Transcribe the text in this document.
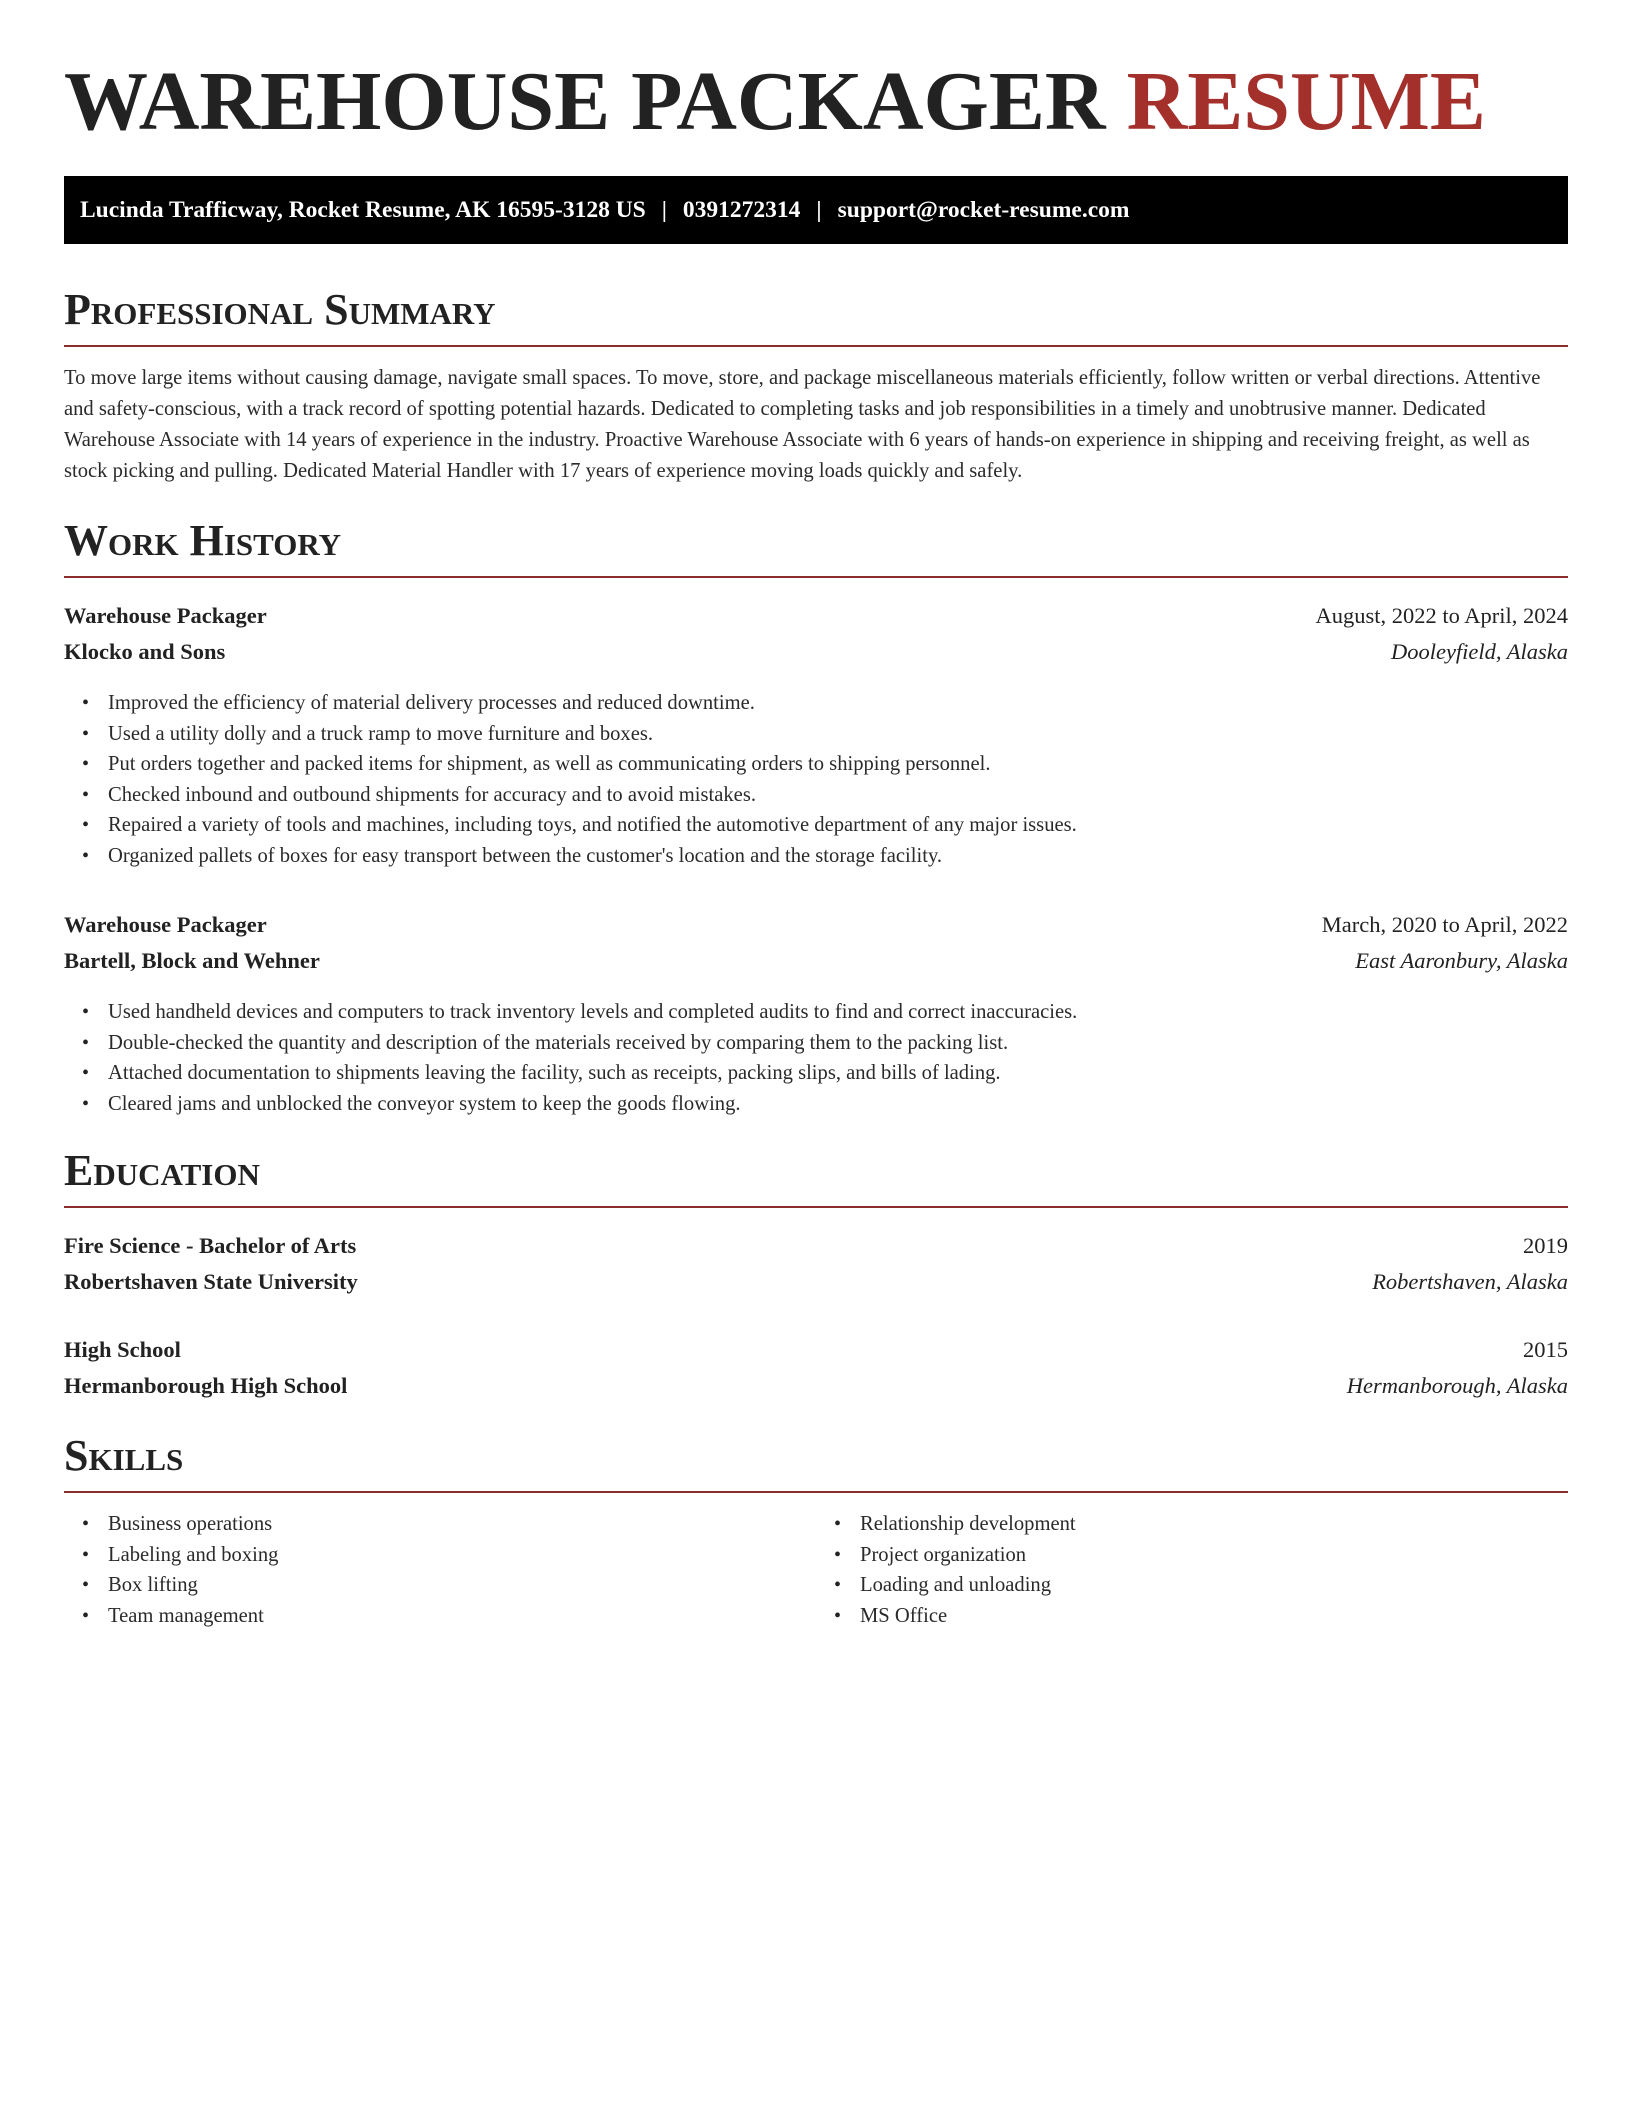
WAREHOUSE PACKAGER RESUME
Lucinda Trafficway, Rocket Resume, AK 16595-3128 US | 0391272314 | support@rocket-resume.com
Professional Summary

To move large items without causing damage, navigate small spaces. To move, store, and package miscellaneous materials efficiently, follow written or verbal directions. Attentive and safety-conscious, with a track record of spotting potential hazards. Dedicated to completing tasks and job responsibilities in a timely and unobtrusive manner. Dedicated Warehouse Associate with 14 years of experience in the industry. Proactive Warehouse Associate with 6 years of hands-on experience in shipping and receiving freight, as well as stock picking and pulling. Dedicated Material Handler with 17 years of experience moving loads quickly and safely.

Work History
Warehouse Packager	August, 2022 to April, 2024
Klocko and Sons	Dooleyfield, Alaska
• Improved the efficiency of material delivery processes and reduced downtime.
• Used a utility dolly and a truck ramp to move furniture and boxes.
• Put orders together and packed items for shipment, as well as communicating orders to shipping personnel.
• Checked inbound and outbound shipments for accuracy and to avoid mistakes.
• Repaired a variety of tools and machines, including toys, and notified the automotive department of any major issues.
• Organized pallets of boxes for easy transport between the customer's location and the storage facility.
Warehouse Packager	March, 2020 to April, 2022
Bartell, Block and Wehner	East Aaronbury, Alaska
• Used handheld devices and computers to track inventory levels and completed audits to find and correct inaccuracies.
• Double-checked the quantity and description of the materials received by comparing them to the packing list.
• Attached documentation to shipments leaving the facility, such as receipts, packing slips, and bills of lading.
• Cleared jams and unblocked the conveyor system to keep the goods flowing.
Education
Fire Science - Bachelor of Arts	2019
Robertshaven State University	Robertshaven, Alaska
High School	2015
Hermanborough High School	Hermanborough, Alaska
Skills
• Business operations
• Labeling and boxing
• Box lifting
• Team management
• Relationship development
• Project organization
• Loading and unloading
• MS Office
